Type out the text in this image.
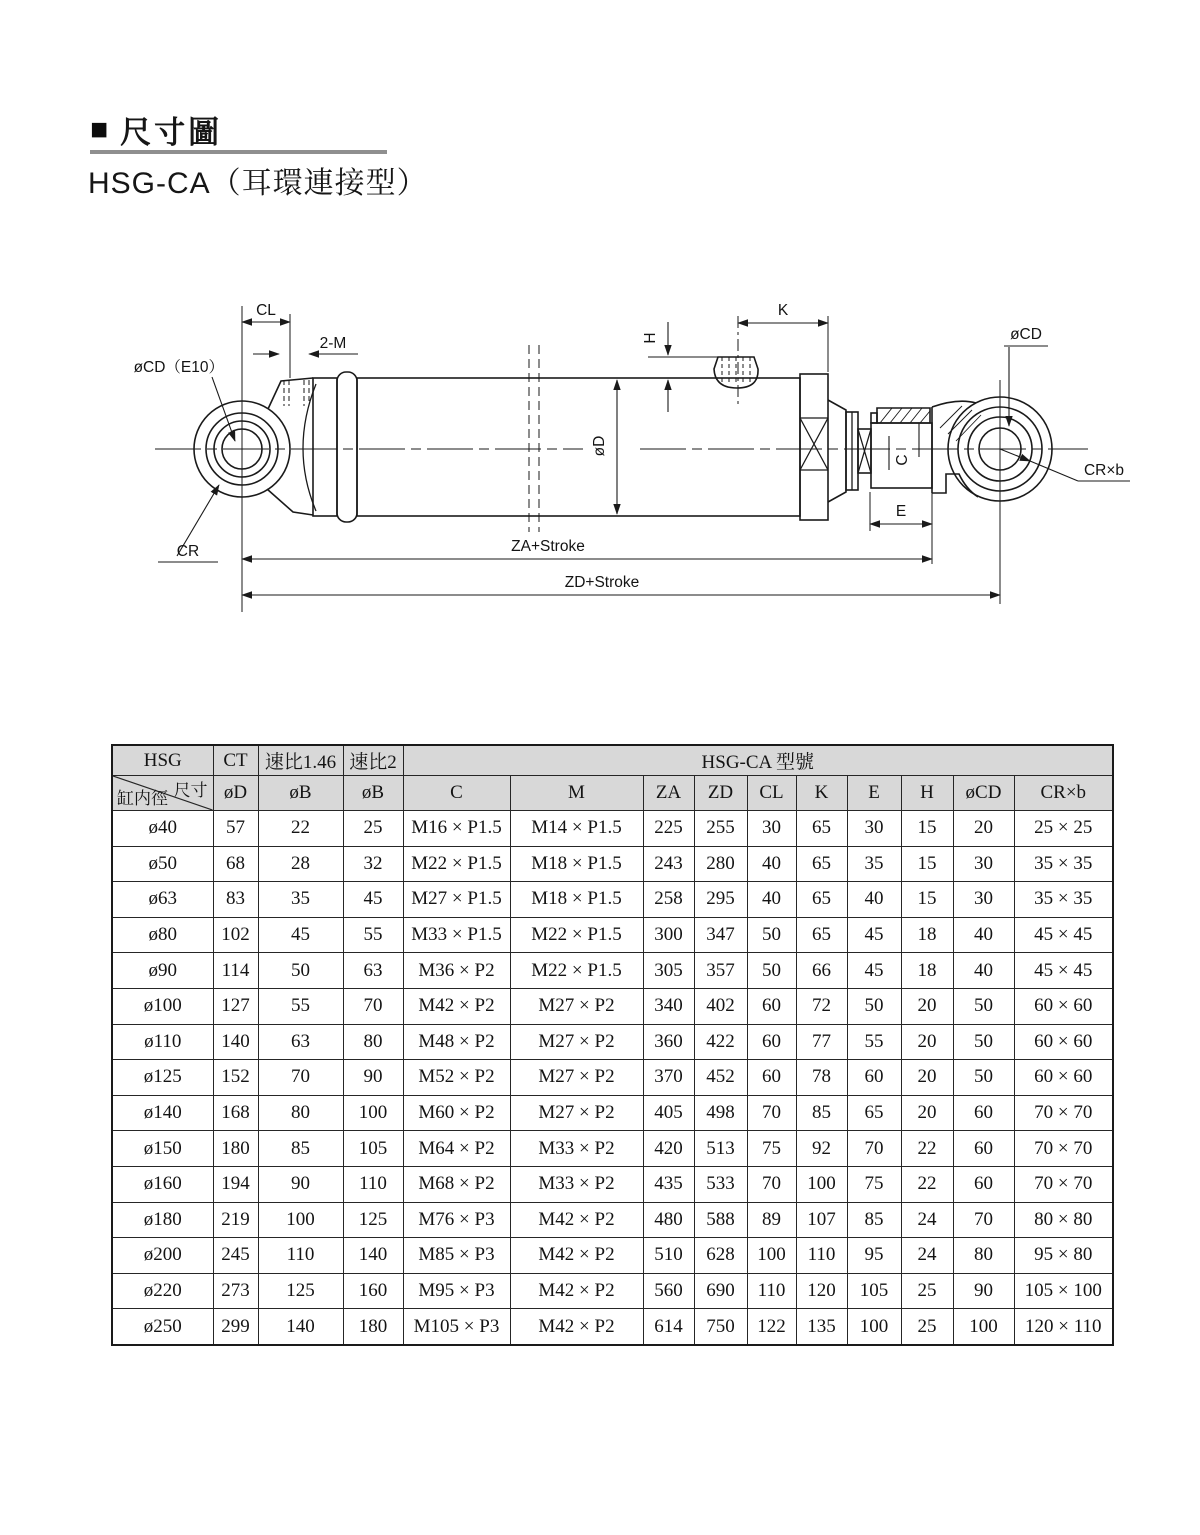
■ 尺寸圖
HSG-CA（耳環連接型）
CL
2-M
øCD（E10）
CR
H
K
øD
øCD
CR×b
E
C
ZA+Stroke
ZD+Stroke
HSG	CT	速比1.46	速比2	HSG-CA 型號									

尺寸
缸内徑	øD	øB	øB	C	M	ZA	ZD	CL	K	E	H	øCD	CR×b
ø40	57	22	25	M16 × P1.5	M14 × P1.5	225	255	30	65	30	15	20	25 × 25
ø50	68	28	32	M22 × P1.5	M18 × P1.5	243	280	40	65	35	15	30	35 × 35
ø63	83	35	45	M27 × P1.5	M18 × P1.5	258	295	40	65	40	15	30	35 × 35
ø80	102	45	55	M33 × P1.5	M22 × P1.5	300	347	50	65	45	18	40	45 × 45
ø90	114	50	63	M36 × P2	M22 × P1.5	305	357	50	66	45	18	40	45 × 45
ø100	127	55	70	M42 × P2	M27 × P2	340	402	60	72	50	20	50	60 × 60
ø110	140	63	80	M48 × P2	M27 × P2	360	422	60	77	55	20	50	60 × 60
ø125	152	70	90	M52 × P2	M27 × P2	370	452	60	78	60	20	50	60 × 60
ø140	168	80	100	M60 × P2	M27 × P2	405	498	70	85	65	20	60	70 × 70
ø150	180	85	105	M64 × P2	M33 × P2	420	513	75	92	70	22	60	70 × 70
ø160	194	90	110	M68 × P2	M33 × P2	435	533	70	100	75	22	60	70 × 70
ø180	219	100	125	M76 × P3	M42 × P2	480	588	89	107	85	24	70	80 × 80
ø200	245	110	140	M85 × P3	M42 × P2	510	628	100	110	95	24	80	95 × 80
ø220	273	125	160	M95 × P3	M42 × P2	560	690	110	120	105	25	90	105 × 100
ø250	299	140	180	M105 × P3	M42 × P2	614	750	122	135	100	25	100	120 × 110
